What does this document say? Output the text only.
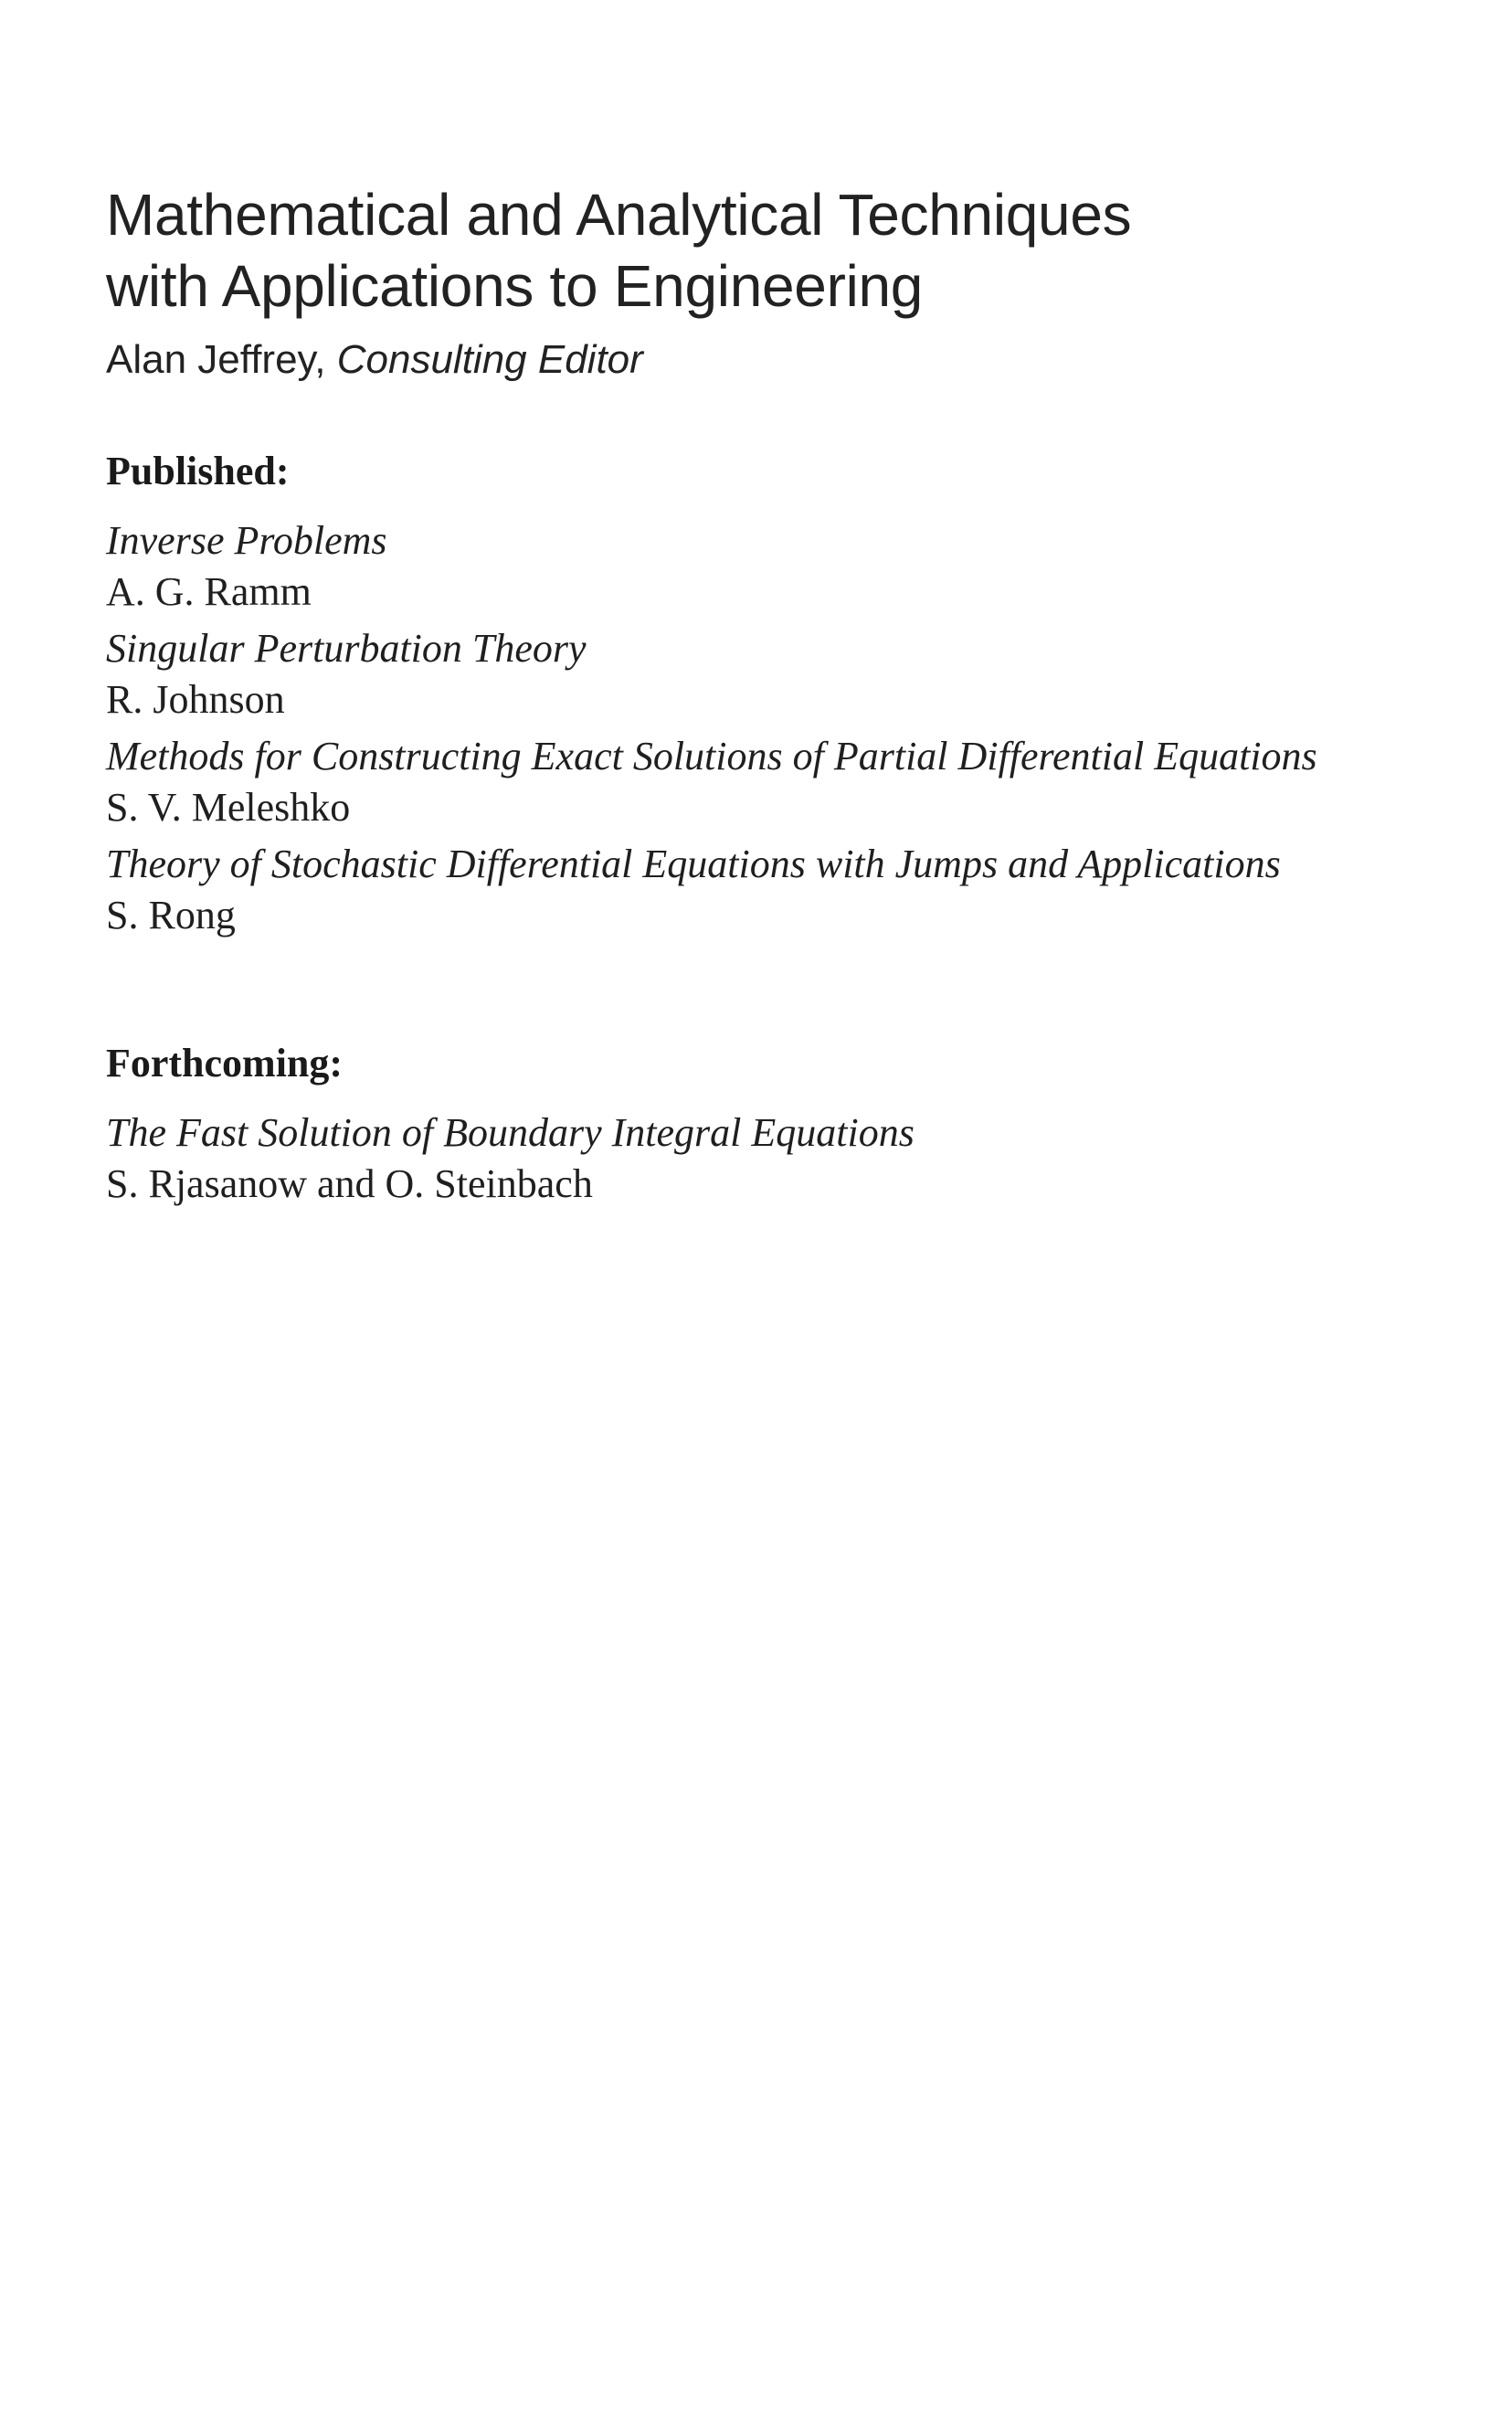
Mathematical and Analytical Techniques
with Applications to Engineering
Alan Jeffrey, Consulting Editor
Published:
Inverse Problems
A. G. Ramm
Singular Perturbation Theory
R. Johnson
Methods for Constructing Exact Solutions of Partial Differential Equations
S. V. Meleshko
Theory of Stochastic Differential Equations with Jumps and Applications
S. Rong
Forthcoming:
The Fast Solution of Boundary Integral Equations
S. Rjasanow and O. Steinbach
